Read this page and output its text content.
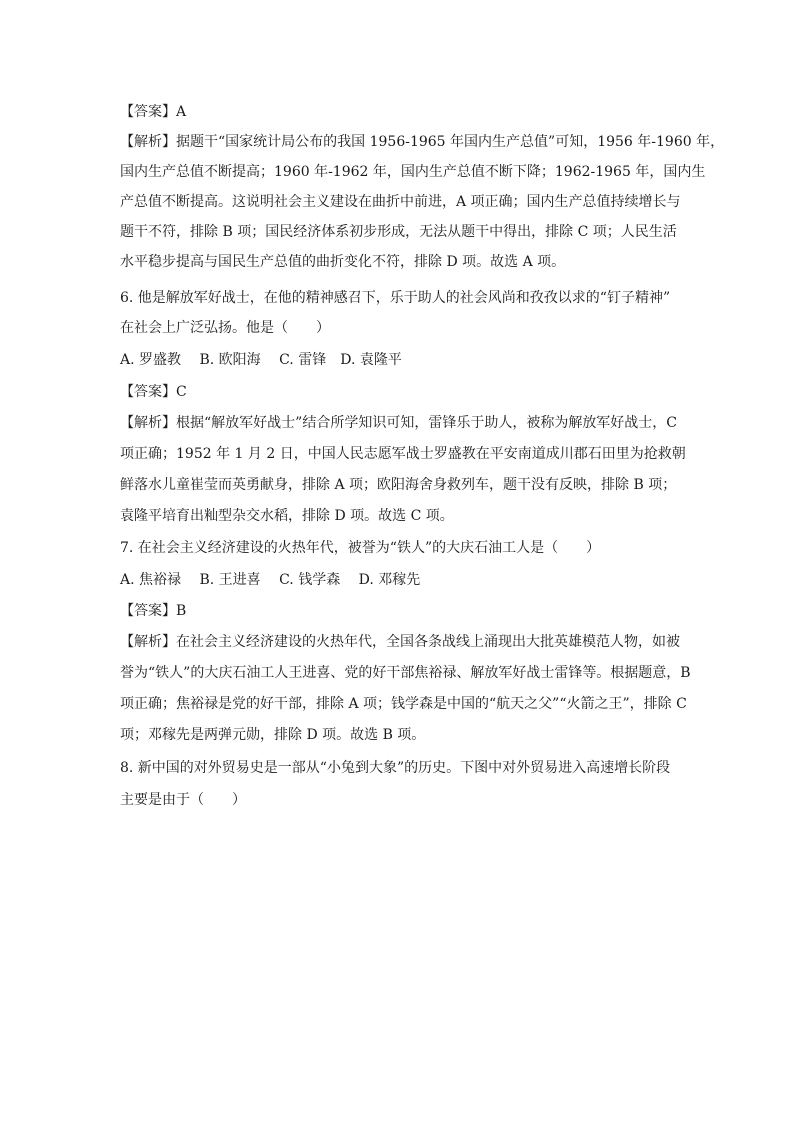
【答案】A
【解析】据题干“国家统计局公布的我国 1956-1965 年国内生产总值”可知，1956 年-1960 年，
国内生产总值不断提高；1960 年-1962 年，国内生产总值不断下降；1962-1965 年，国内生
产总值不断提高。这说明社会主义建设在曲折中前进，A 项正确；国内生产总值持续增长与
题干不符，排除 B 项；国民经济体系初步形成，无法从题干中得出，排除 C 项；人民生活
水平稳步提高与国民生产总值的曲折变化不符，排除 D 项。故选 A 项。
6. 他是解放军好战士，在他的精神感召下，乐于助人的社会风尚和孜孜以求的“钉子精神”
在社会上广泛弘扬。他是（　　）
A. 罗盛教　 B. 欧阳海　 C. 雷锋　D. 袁隆平
【答案】C
【解析】根据“解放军好战士”结合所学知识可知，雷锋乐于助人，被称为解放军好战士，C
项正确；1952 年 1 月 2 日，中国人民志愿军战士罗盛教在平安南道成川郡石田里为抢救朝
鲜落水儿童崔莹而英勇献身，排除 A 项；欧阳海舍身救列车，题干没有反映，排除 B 项；
袁隆平培育出籼型杂交水稻，排除 D 项。故选 C 项。
7. 在社会主义经济建设的火热年代，被誉为“铁人”的大庆石油工人是（　　）
A. 焦裕禄　 B. 王进喜　 C. 钱学森　 D. 邓稼先
【答案】B
【解析】在社会主义经济建设的火热年代，全国各条战线上涌现出大批英雄模范人物，如被
誉为“铁人”的大庆石油工人王进喜、党的好干部焦裕禄、解放军好战士雷锋等。根据题意，B
项正确；焦裕禄是党的好干部，排除 A 项；钱学森是中国的“航天之父”“火箭之王”，排除 C
项；邓稼先是两弹元勋，排除 D 项。故选 B 项。
8. 新中国的对外贸易史是一部从“小兔到大象”的历史。下图中对外贸易进入高速增长阶段
主要是由于（　　）
